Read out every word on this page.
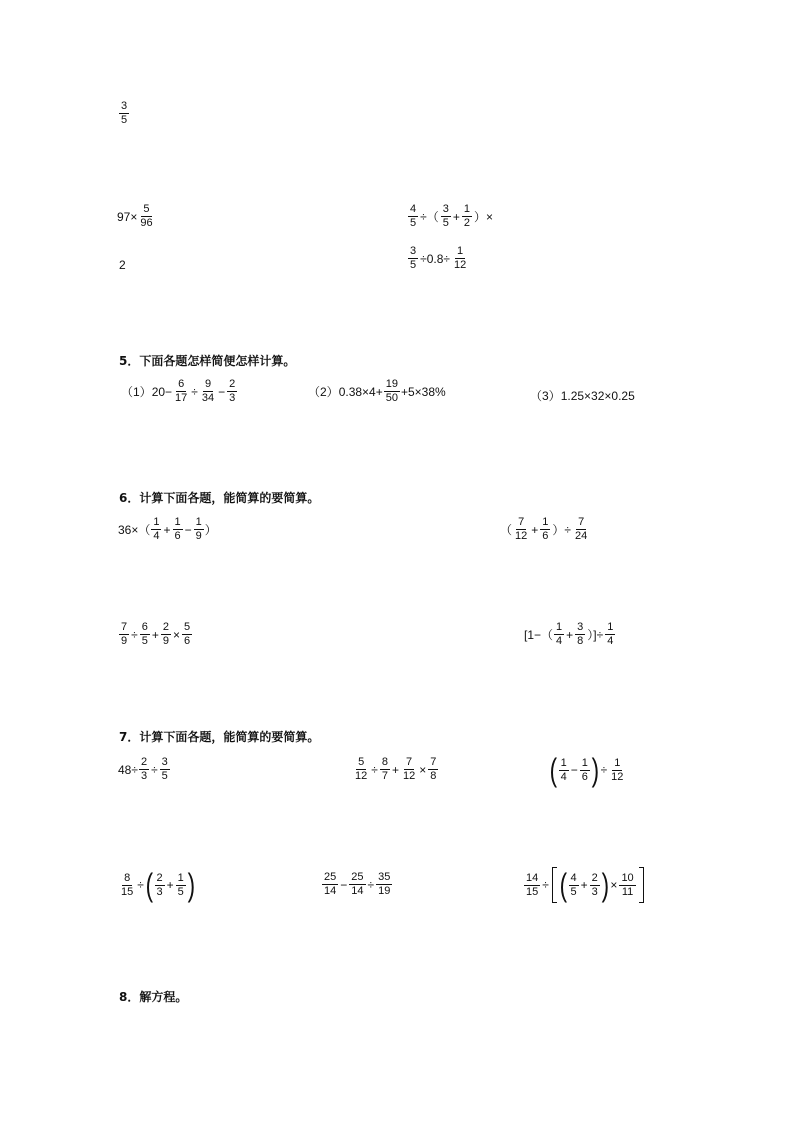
$\frac{3}{5}$
$97\times \frac{5}{96}$
2
$\frac{4}{5}$ ÷（ $\frac{3}{5} + \frac{1}{2}$ ）×
$\frac{3}{5} \div 0.8\div \frac{1}{12}$
5．下面各题怎样简便怎样计算。
（1） $20- \frac{6}{17} \div \frac{9}{34} - \frac{2}{3}$	（2） $0.38\times 4+ \frac{19}{50} +5\times 38\%$	（3） 1.25×32×0.25
6．计算下面各题，能简算的要简算。
$36\times( \frac{1}{4} + \frac{1}{6} - \frac{1}{9}$ ）	（ $\frac{7}{12} + \frac{1}{6}$ ）÷ $\frac{7}{24}$
$\frac{7}{9} \div \frac{6}{5} + \frac{2}{9} \times \frac{5}{6}$	[$1-( \frac{1}{4} + \frac{3}{8}$ ）]÷ $\frac{1}{4}$
7．计算下面各题，能简算的要简算。
$48\div \frac{2}{3} \div \frac{3}{5}$	$\frac{5}{12} \div \frac{8}{7} + \frac{7}{12} \times \frac{7}{8}$	( $\frac{1}{4} - \frac{1}{6}$ ) ÷ $\frac{1}{12}$
$\frac{8}{15}$ ÷ ( $\frac{2}{3} + \frac{1}{5}$ )	$\frac{25}{14} - \frac{25}{14} \div \frac{35}{19}$	$\frac{14}{15}$ ÷ ( $\frac{4}{5} + \frac{2}{3}$ ) × $\frac{10}{11}$
8．解方程。
